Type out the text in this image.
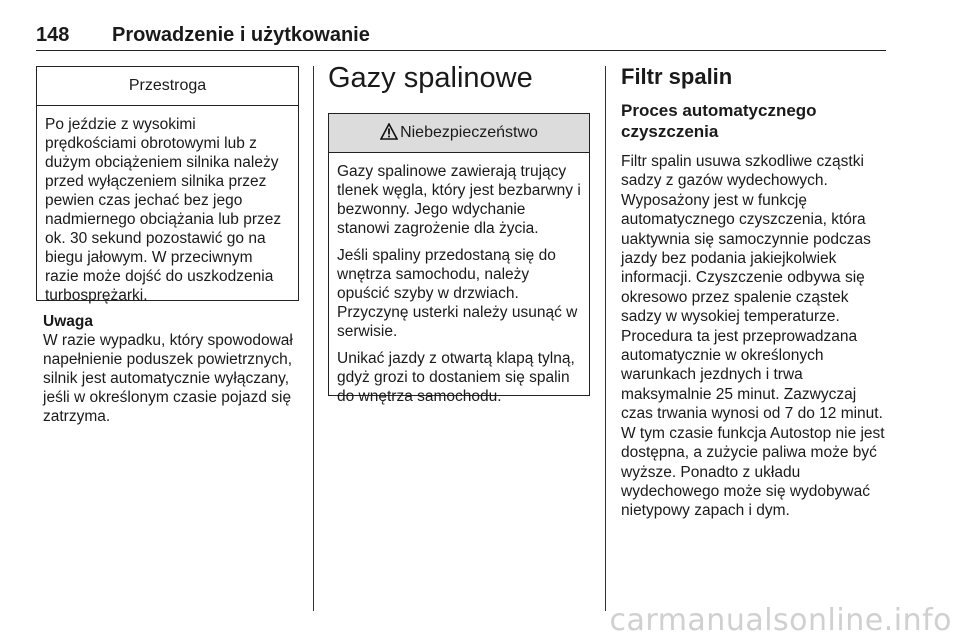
148 Prowadzenie i użytkowanie
Przestroga

Po jeździe z wysokimi prędkościami obrotowymi lub z dużym obciążeniem silnika należy przed wyłączeniem silnika przez pewien czas jechać bez jego nadmiernego obciążania lub przez ok. 30 sekund pozostawić go na biegu jałowym. W przeciwnym razie może dojść do uszkodzenia turbosprężarki.

Uwaga
W razie wypadku, który spowodował napełnienie poduszek powietrznych, silnik jest automatycznie wyłączany, jeśli w określonym czasie pojazd się zatrzyma.
Gazy spalinowe
Niebezpieczeństwo

Gazy spalinowe zawierają trujący tlenek węgla, który jest bezbarwny i bezwonny. Jego wdychanie stanowi zagrożenie dla życia.

Jeśli spaliny przedostaną się do wnętrza samochodu, należy opuścić szyby w drzwiach. Przyczynę usterki należy usunąć w serwisie.

Unikać jazdy z otwartą klapą tylną, gdyż grozi to dostaniem się spalin do wnętrza samochodu.

Filtr spalin
Proces automatycznego czyszczenia

Filtr spalin usuwa szkodliwe cząstki sadzy z gazów wydechowych. Wyposażony jest w funkcję automatycznego czyszczenia, która uaktywnia się samoczynnie podczas jazdy bez podania jakiejkolwiek informacji. Czyszczenie odbywa się okresowo przez spalenie cząstek sadzy w wysokiej temperaturze. Procedura ta jest przeprowadzana automatycznie w określonych warunkach jezdnych i trwa maksymalnie 25 minut. Zazwyczaj czas trwania wynosi od 7 do 12 minut. W tym czasie funkcja Autostop nie jest dostępna, a zużycie paliwa może być wyższe. Ponadto z układu wydechowego może się wydobywać nietypowy zapach i dym.

carmanualsonline.info
